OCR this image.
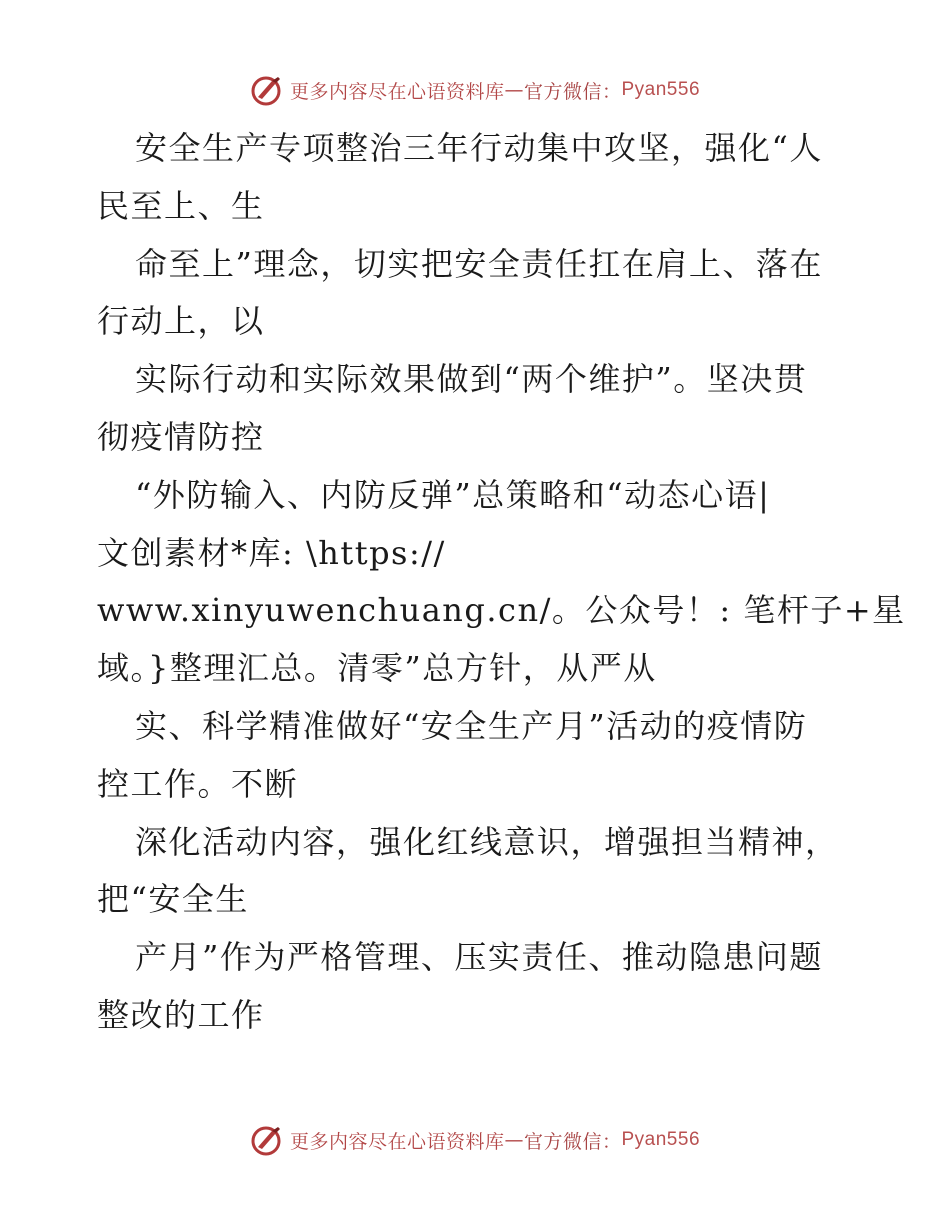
更多内容尽在心语资料库 — 官方微信： Pyan556
安全生产专项整治三年行动集中攻坚，强化“人
民至上、生
命至上”理念，切实把安全责任扛在肩上、落在
行动上，以
实际行动和实际效果做到“两个维护”。坚决贯
彻疫情防控
“外防输入、内防反弹”总策略和“动态心语|
文创素材*库: \https://
www.xinyuwenchuang.cn/。公众号！: 笔杆子+星
域。}整理汇总。清零”总方针，从严从
实、科学精准做好“安全生产月”活动的疫情防
控工作。不断
深化活动内容，强化红线意识，增强担当精神，
把“安全生
产月”作为严格管理、压实责任、推动隐患问题
整改的工作
更多内容尽在心语资料库 — 官方微信： Pyan556
